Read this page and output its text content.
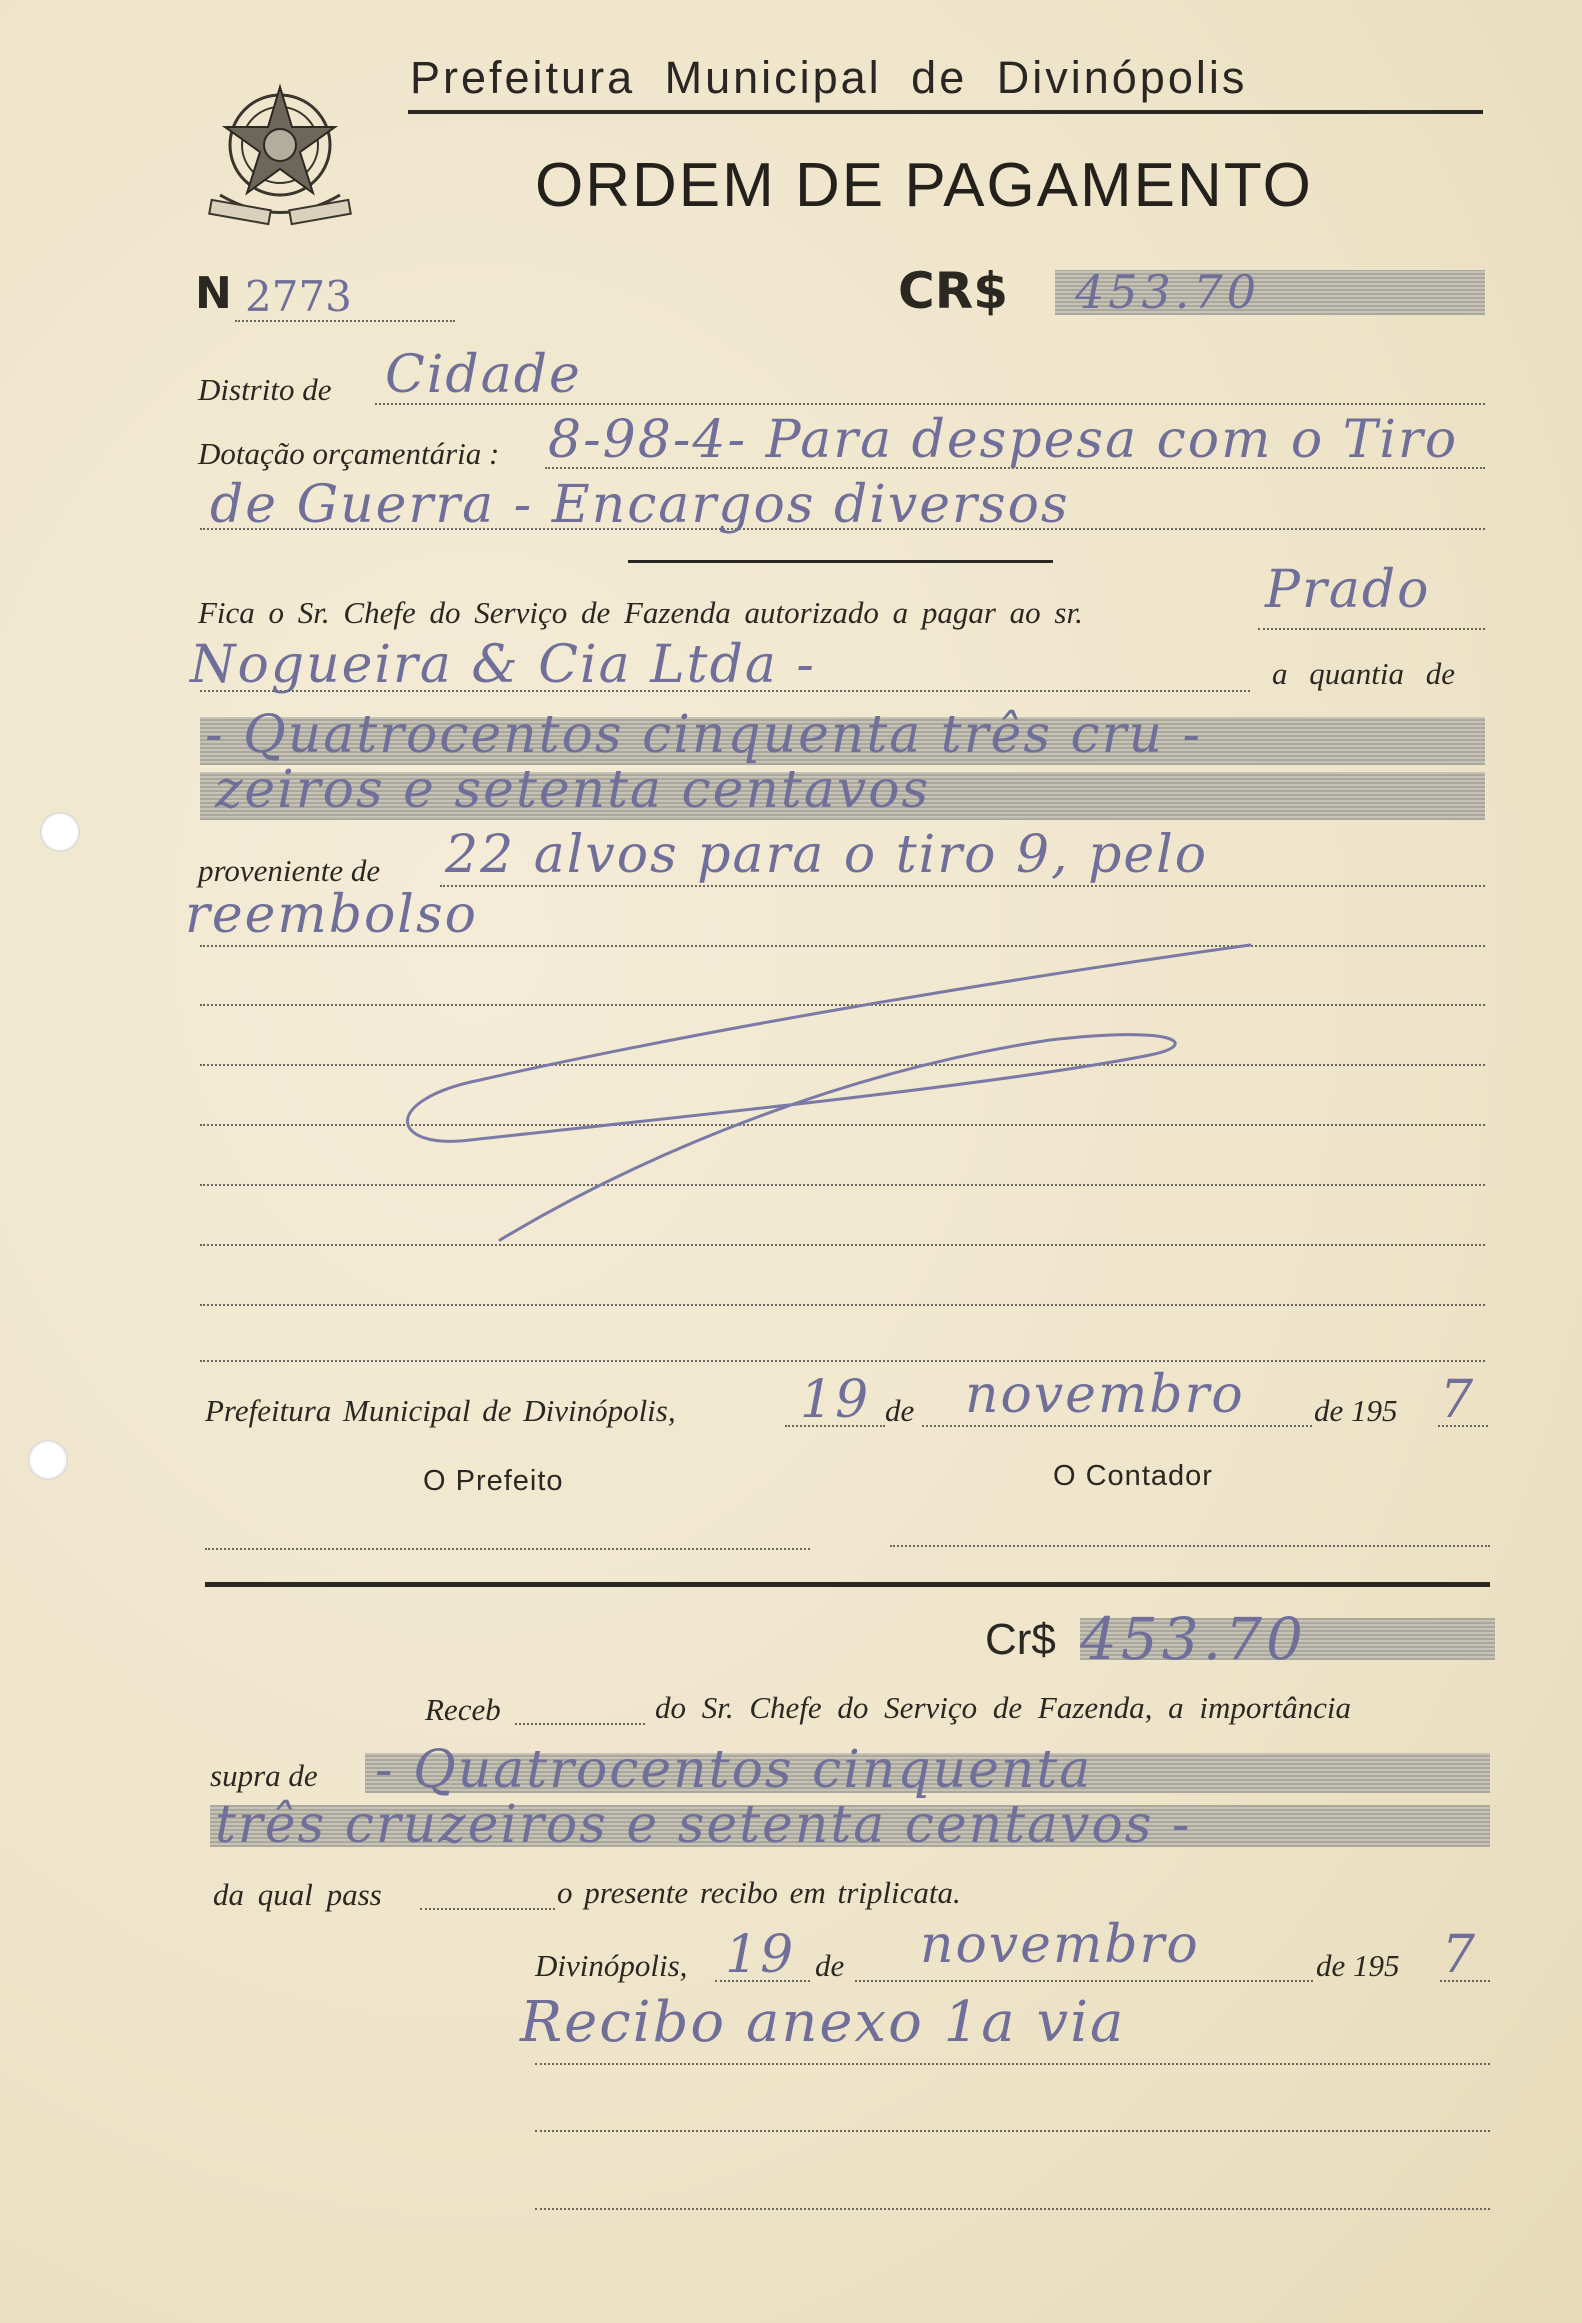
Prefeitura Municipal de Divinópolis
ORDEM DE PAGAMENTO
N 2773	CR$ 453.70
Distrito de Cidade
Dotação orçamentária : 8-98-4- Para despesa com o Tiro
de Guerra - Encargos diversos
Fica o Sr. Chefe do Serviço de Fazenda autorizado a pagar ao sr.	Prado
Nogueira & Cia Ltda -	a quantia de
- Quatrocentos cinquenta três cru -
zeiros e setenta centavos
proveniente de 22 alvos para o tiro 9, pelo
reembolso
Prefeitura Municipal de Divinópolis, 19 de novembro de 195 7
O Prefeito	O Contador
Cr$ 453.70
Receb	do Sr. Chefe do Serviço de Fazenda, a importância
supra de - Quatrocentos cinquenta
três cruzeiros e setenta centavos -
da qual pass	o presente recibo em triplicata.
Divinópolis, 19 de novembro	de 195 7
Recibo anexo 1a via
